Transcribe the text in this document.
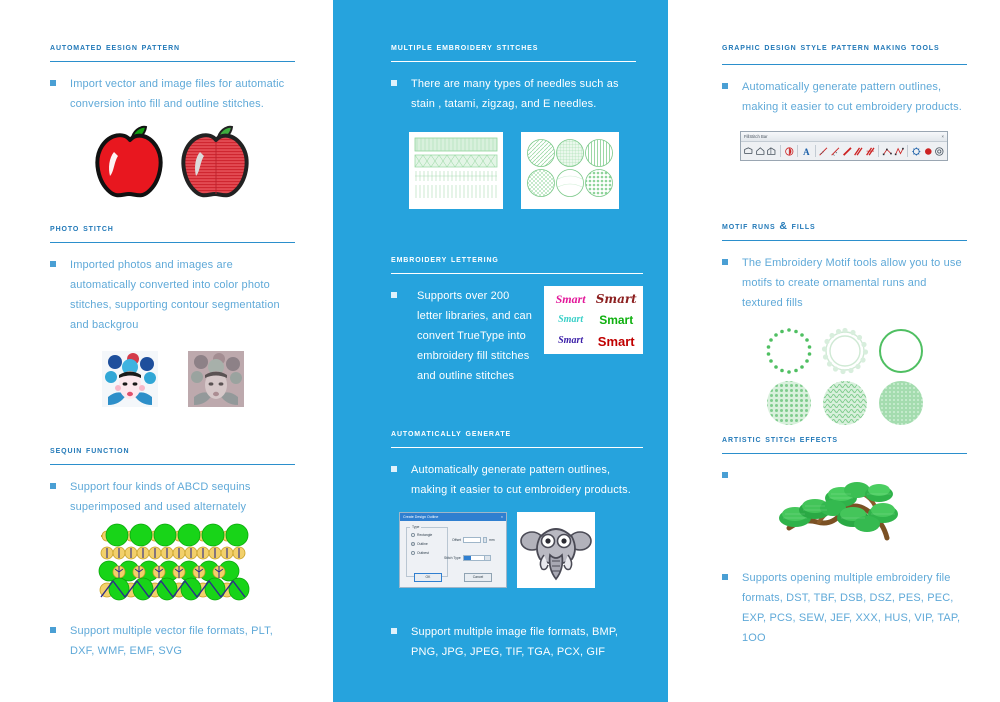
automated eesign pattern
Import vector and image files for automatic conversion into fill and outline stitches.
photo stitch
Imported photos and images are automatically converted into color photo stitches, supporting contour segmentation and backgrou
sequin function
Support four kinds of ABCD sequins superimposed and used alternately
Support multiple vector file formats, PLT, DXF, WMF, EMF, SVG
multiple embroidery stitches
There are many types of needles such as stain , tatami, zigzag, and E needles.
embroidery lettering
Supports over 200 letter libraries, and can convert TrueType into embroidery fill stitches and outline stitches
Smart Smart
Smart Smart
Smart Smart
automatically generate
Automatically generate pattern outlines, making it easier to cut embroidery products.
Create Design Outline	×
Type
Rectangle
Outline
Outbest
Offset	mm
Stitch Type
OK	Cancel
Support multiple image file formats, BMP, PNG, JPG, JPEG, TIF, TGA, PCX, GIF
graphic design style pattern making tools
Automatically generate pattern outlines, making it easier to cut embroidery products.
FillStitch Bar	×
A
motif runs & fills
The Embroidery Motif tools allow you to use motifs to create ornamental runs and textured fills
artistic stitch effects
Supports opening multiple embroidery file formats, DST, TBF, DSB, DSZ, PES, PEC, EXP, PCS, SEW, JEF, XXX, HUS, VIP, TAP, 1OO
